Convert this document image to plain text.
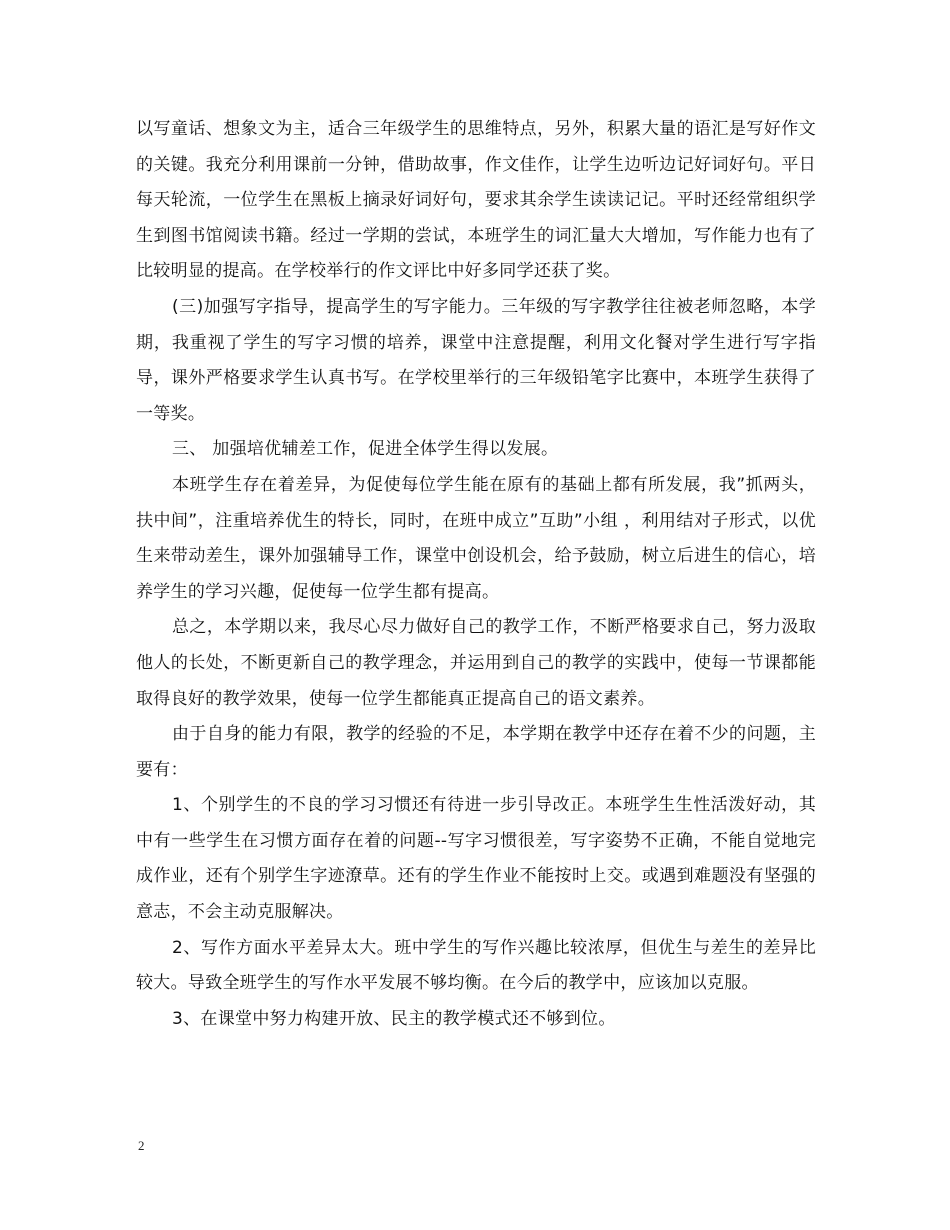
以写童话、想象文为主，适合三年级学生的思维特点，另外，积累大量的语汇是写好作文的关键。我充分利用课前一分钟，借助故事，作文佳作，让学生边听边记好词好句。平日每天轮流，一位学生在黑板上摘录好词好句，要求其余学生读读记记。平时还经常组织学生到图书馆阅读书籍。经过一学期的尝试，本班学生的词汇量大大增加，写作能力也有了比较明显的提高。在学校举行的作文评比中好多同学还获了奖。

(三)加强写字指导，提高学生的写字能力。三年级的写字教学往往被老师忽略，本学期，我重视了学生的写字习惯的培养，课堂中注意提醒，利用文化餐对学生进行写字指导，课外严格要求学生认真书写。在学校里举行的三年级铅笔字比赛中，本班学生获得了一等奖。

三、 加强培优辅差工作，促进全体学生得以发展。

本班学生存在着差异，为促使每位学生能在原有的基础上都有所发展，我”抓两头，扶中间”，注重培养优生的特长，同时，在班中成立”互助”小组 ，利用结对子形式，以优生来带动差生，课外加强辅导工作，课堂中创设机会，给予鼓励，树立后进生的信心，培养学生的学习兴趣，促使每一位学生都有提高。

总之，本学期以来，我尽心尽力做好自己的教学工作，不断严格要求自己，努力汲取他人的长处，不断更新自己的教学理念，并运用到自己的教学的实践中，使每一节课都能取得良好的教学效果，使每一位学生都能真正提高自己的语文素养。

由于自身的能力有限，教学的经验的不足，本学期在教学中还存在着不少的问题，主要有：

1、个别学生的不良的学习习惯还有待进一步引导改正。本班学生生性活泼好动，其中有一些学生在习惯方面存在着的问题--写字习惯很差，写字姿势不正确，不能自觉地完成作业，还有个别学生字迹潦草。还有的学生作业不能按时上交。或遇到难题没有坚强的意志，不会主动克服解决。

2、写作方面水平差异太大。班中学生的写作兴趣比较浓厚，但优生与差生的差异比较大。导致全班学生的写作水平发展不够均衡。在今后的教学中，应该加以克服。

3、在课堂中努力构建开放、民主的教学模式还不够到位。

2
